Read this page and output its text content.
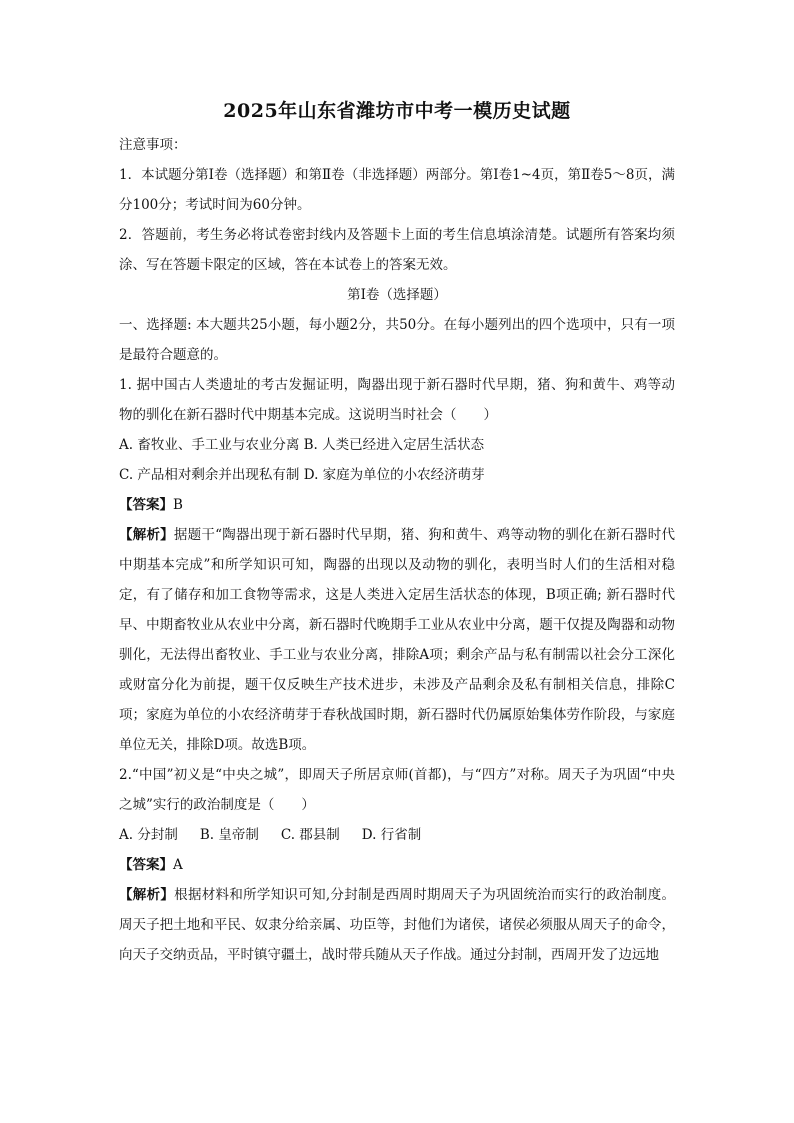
2025年山东省潍坊市中考一模历史试题

注意事项：

1．本试题分第Ⅰ卷（选择题）和第Ⅱ卷（非选择题）两部分。第Ⅰ卷1~4页，第Ⅱ卷5～8页，满分100分；考试时间为60分钟。

2．答题前，考生务必将试卷密封线内及答题卡上面的考生信息填涂清楚。试题所有答案均须涂、写在答题卡限定的区域，答在本试卷上的答案无效。

第Ⅰ卷（选择题）

一、选择题: 本大题共25小题，每小题2分，共50分。在每小题列出的四个选项中，只有一项是最符合题意的。

1. 据中国古人类遗址的考古发掘证明，陶器出现于新石器时代早期，猪、狗和黄牛、鸡等动物的驯化在新石器时代中期基本完成。这说明当时社会（　　）

A. 畜牧业、手工业与农业分离 B. 人类已经进入定居生活状态

C. 产品相对剩余并出现私有制 D. 家庭为单位的小农经济萌芽

【答案】B

【解析】据题干“陶器出现于新石器时代早期，猪、狗和黄牛、鸡等动物的驯化在新石器时代中期基本完成”和所学知识可知，陶器的出现以及动物的驯化，表明当时人们的生活相对稳定，有了储存和加工食物等需求，这是人类进入定居生活状态的体现，B项正确; 新石器时代早、中期畜牧业从农业中分离，新石器时代晚期手工业从农业中分离，题干仅提及陶器和动物驯化，无法得出畜牧业、手工业与农业分离，排除A项；剩余产品与私有制需以社会分工深化或财富分化为前提，题干仅反映生产技术进步，未涉及产品剩余及私有制相关信息，排除C项；家庭为单位的小农经济萌芽于春秋战国时期，新石器时代仍属原始集体劳作阶段，与家庭单位无关，排除D项。故选B项。

2.“中国”初义是“中央之城”，即周天子所居京师(首都)，与“四方”对称。周天子为巩固“中央之城”实行的政治制度是（　　）

A. 分封制 B. 皇帝制 C. 郡县制 D. 行省制

【答案】A

【解析】根据材料和所学知识可知,分封制是西周时期周天子为巩固统治而实行的政治制度。周天子把土地和平民、奴隶分给亲属、功臣等，封他们为诸侯，诸侯必须服从周天子的命令，向天子交纳贡品，平时镇守疆土，战时带兵随从天子作战。通过分封制，西周开发了边远地
